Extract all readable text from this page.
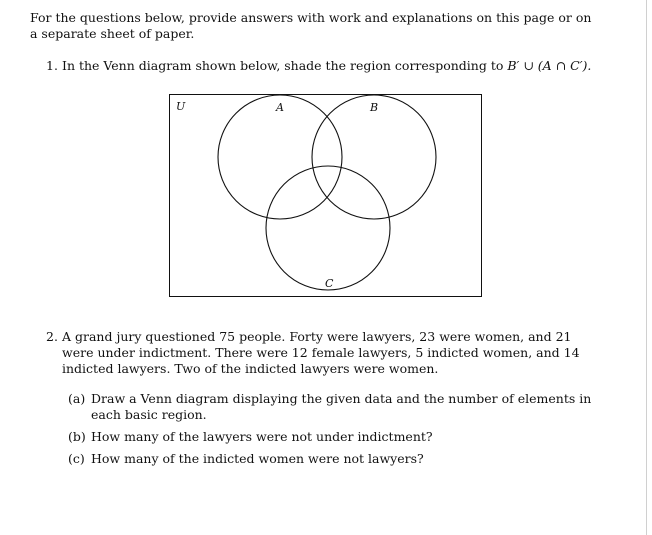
For the questions below, provide answers with work and explanations on this page or on a separate sheet of paper.
1. In the Venn diagram shown below, shade the region corresponding to B′ ∪ (A ∩ C′).
U	A	B
C
2. A grand jury questioned 75 people. Forty were lawyers, 23 were women, and 21 were under indictment. There were 12 female lawyers, 5 indicted women, and 14 indicted lawyers. Two of the indicted lawyers were women.
(a) Draw a Venn diagram displaying the given data and the number of elements in each basic region.
(b) How many of the lawyers were not under indictment?
(c) How many of the indicted women were not lawyers?
